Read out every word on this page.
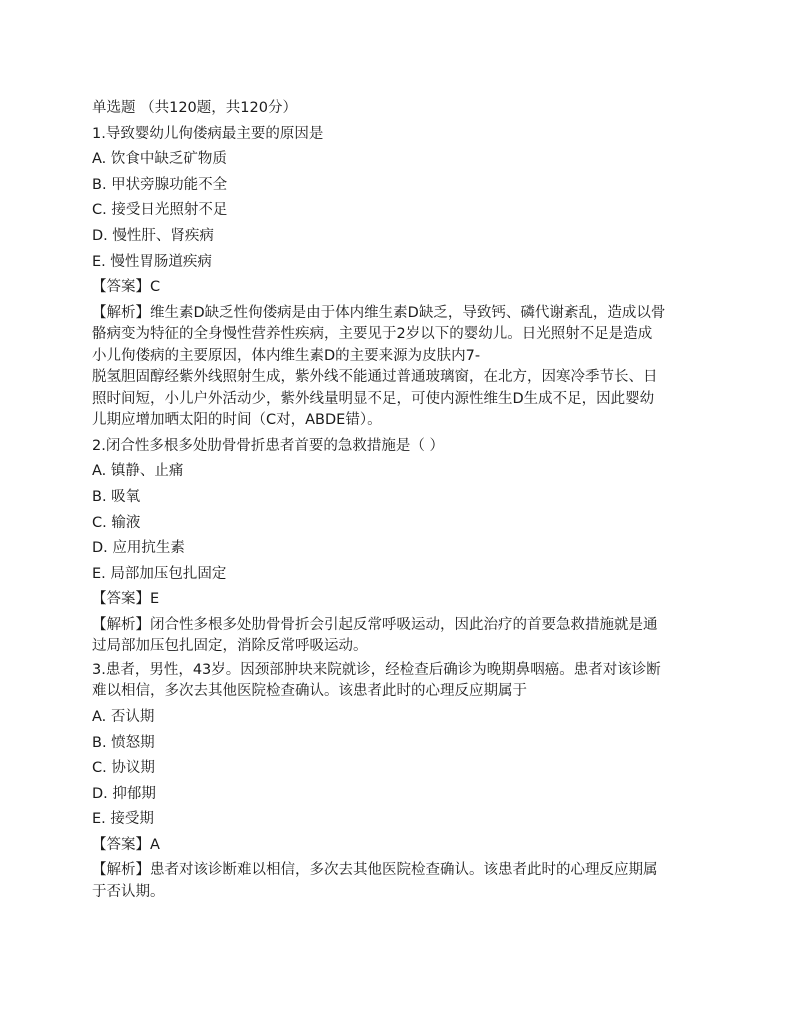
单选题 （共120题，共120分）
1.导致婴幼儿佝偻病最主要的原因是
A. 饮食中缺乏矿物质
B. 甲状旁腺功能不全
C. 接受日光照射不足
D. 慢性肝、肾疾病
E. 慢性胃肠道疾病
【答案】C
【解析】维生素D缺乏性佝偻病是由于体内维生素D缺乏，导致钙、磷代谢紊乱，造成以骨
骼病变为特征的全身慢性营养性疾病，主要见于2岁以下的婴幼儿。日光照射不足是造成
小儿佝偻病的主要原因，体内维生素D的主要来源为皮肤内7-
脱氢胆固醇经紫外线照射生成，紫外线不能通过普通玻璃窗，在北方，因寒冷季节长、日
照时间短，小儿户外活动少，紫外线量明显不足，可使内源性维生D生成不足，因此婴幼
儿期应增加晒太阳的时间（C对，ABDE错）。
2.闭合性多根多处肋骨骨折患者首要的急救措施是（ ）
A. 镇静、止痛
B. 吸氧
C. 输液
D. 应用抗生素
E. 局部加压包扎固定
【答案】E
【解析】闭合性多根多处肋骨骨折会引起反常呼吸运动，因此治疗的首要急救措施就是通
过局部加压包扎固定，消除反常呼吸运动。
3.患者，男性，43岁。因颈部肿块来院就诊，经检查后确诊为晚期鼻咽癌。患者对该诊断
难以相信，多次去其他医院检查确认。该患者此时的心理反应期属于
A. 否认期
B. 愤怒期
C. 协议期
D. 抑郁期
E. 接受期
【答案】A
【解析】患者对该诊断难以相信，多次去其他医院检查确认。该患者此时的心理反应期属
于否认期。
